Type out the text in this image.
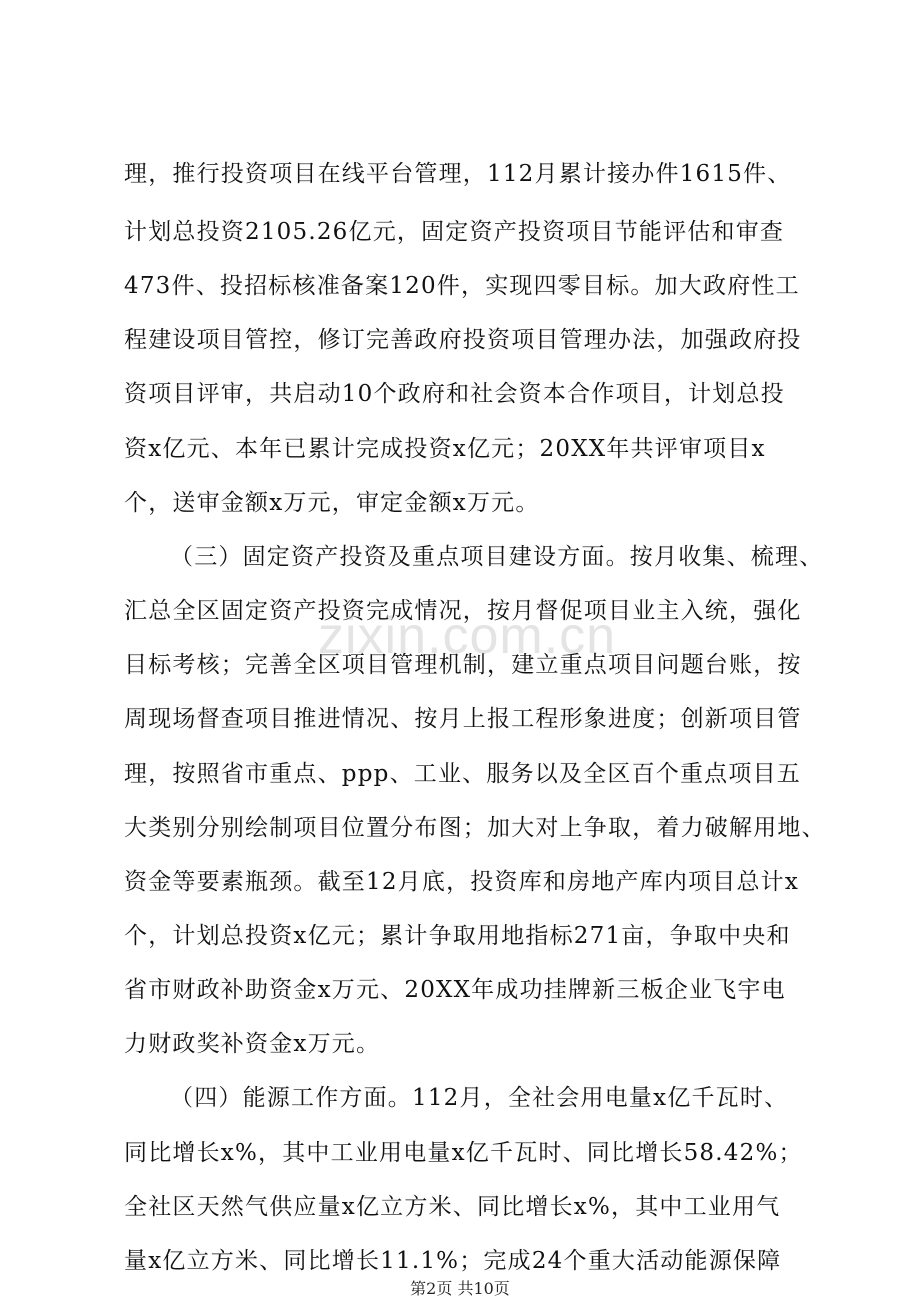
理，推行投资项目在线平台管理，112月累计接办件1615件、
计划总投资2105.26亿元，固定资产投资项目节能评估和审查
473件、投招标核准备案120件，实现四零目标。加大政府性工
程建设项目管控，修订完善政府投资项目管理办法，加强政府投
资项目评审，共启动10个政府和社会资本合作项目，计划总投
资x亿元、本年已累计完成投资x亿元；20XX年共评审项目x
个，送审金额x万元，审定金额x万元。
（三）固定资产投资及重点项目建设方面。按月收集、梳理、
汇总全区固定资产投资完成情况，按月督促项目业主入统，强化
目标考核；完善全区项目管理机制，建立重点项目问题台账，按
周现场督查项目推进情况、按月上报工程形象进度；创新项目管
理，按照省市重点、ppp、工业、服务以及全区百个重点项目五
大类别分别绘制项目位置分布图；加大对上争取，着力破解用地、
资金等要素瓶颈。截至12月底，投资库和房地产库内项目总计x
个，计划总投资x亿元；累计争取用地指标271亩，争取中央和
省市财政补助资金x万元、20XX年成功挂牌新三板企业飞宇电
力财政奖补资金x万元。
（四）能源工作方面。112月，全社会用电量x亿千瓦时、
同比增长x%，其中工业用电量x亿千瓦时、同比增长58.42%；
全社区天然气供应量x亿立方米、同比增长x%，其中工业用气
量x亿立方米、同比增长11.1%；完成24个重大活动能源保障
zixin.com.cn
第2页 共10页
